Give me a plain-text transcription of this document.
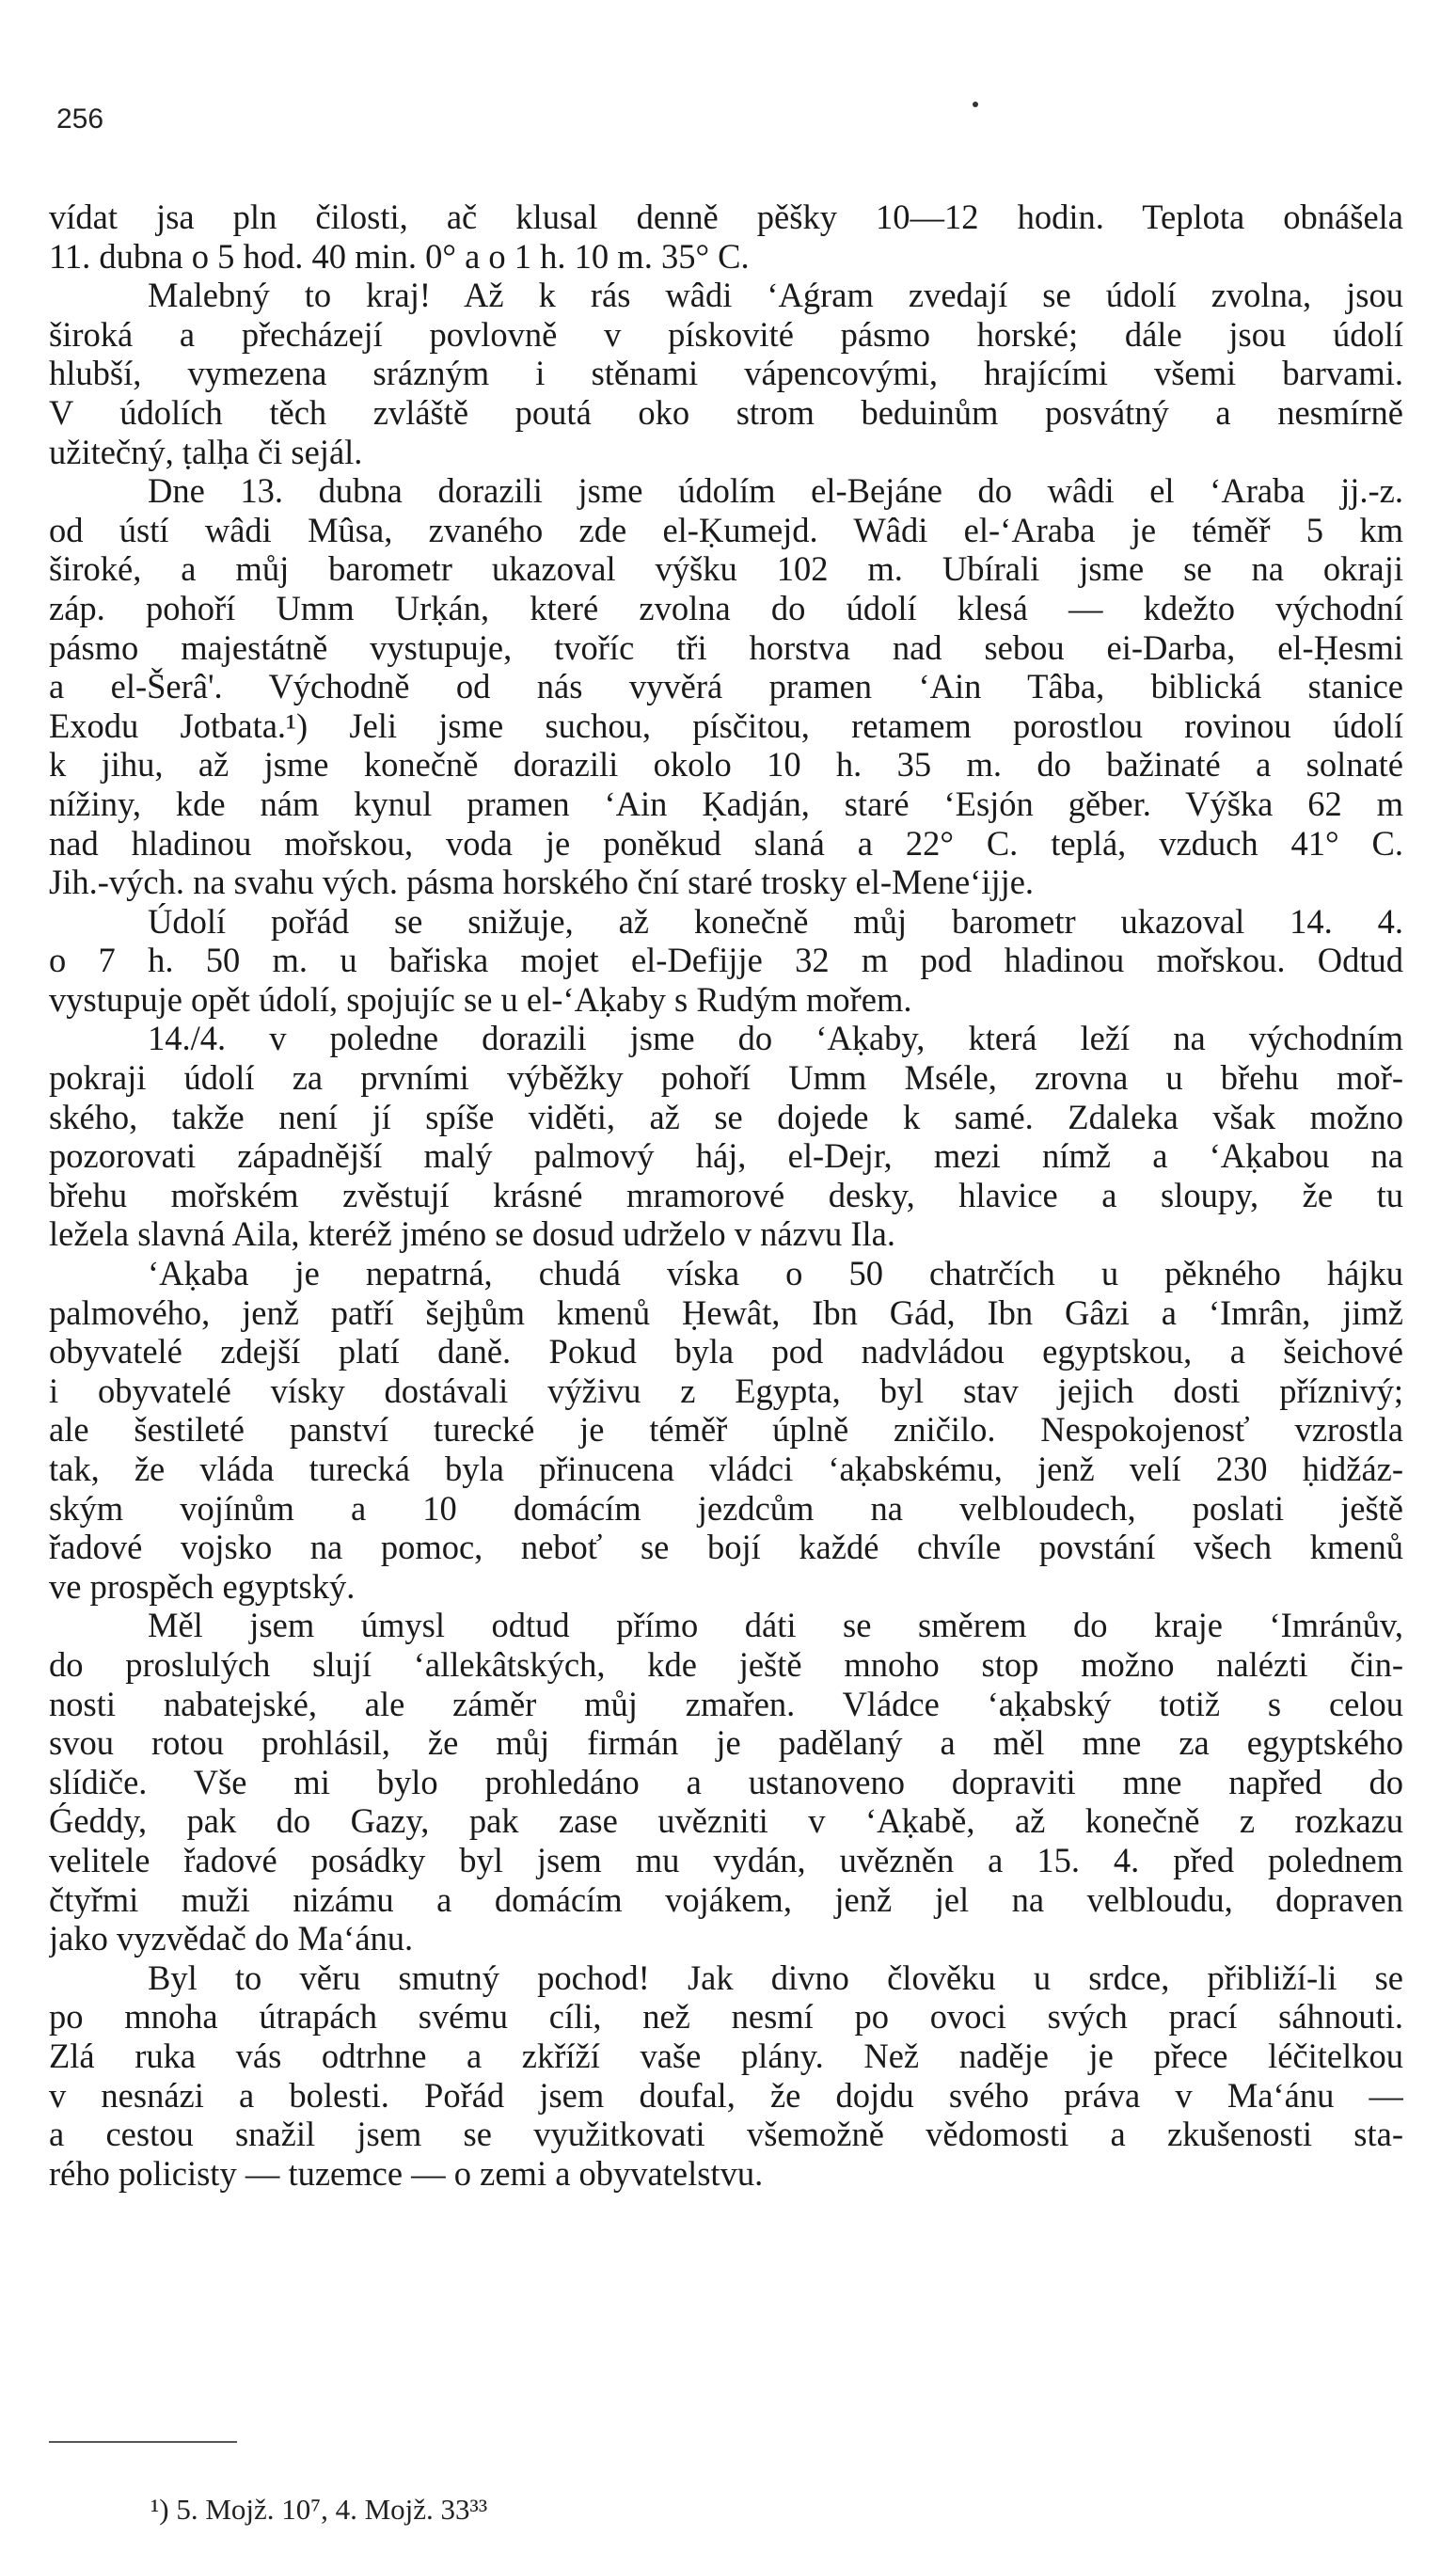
256
vídat jsa pln čilosti, ač klusal denně pěšky 10—12 hodin. Teplota obnášela
11. dubna o 5 hod. 40 min. 0° a o 1 h. 10 m. 35° C.
Malebný to kraj! Až k rás wâdi ʻAǵram zvedají se údolí zvolna, jsou
široká a přecházejí povlovně v pískovité pásmo horské; dále jsou údolí
hlubší, vymezena srázným i stěnami vápencovými, hrajícími všemi barvami.
V údolích těch zvláště poutá oko strom beduinům posvátný a nesmírně
užitečný, ṭalḥa či sejál.
Dne 13. dubna dorazili jsme údolím el-Bejáne do wâdi el ʻAraba jj.-z.
od ústí wâdi Mûsa, zvaného zde el-Ḳumejd. Wâdi el-ʻAraba je téměř 5 km
široké, a můj barometr ukazoval výšku 102 m. Ubírali jsme se na okraji
záp. pohoří Umm Urḳán, které zvolna do údolí klesá — kdežto východní
pásmo majestátně vystupuje, tvoříc tři horstva nad sebou ei-Darba, el-Ḥesmi
a el-Šerâ'. Východně od nás vyvěrá pramen ʻAin Tâba, biblická stanice
Exodu Jotbata.¹) Jeli jsme suchou, písčitou, retamem porostlou rovinou údolí
k jihu, až jsme konečně dorazili okolo 10 h. 35 m. do bažinaté a solnaté
nížiny, kde nám kynul pramen ʻAin Ḳadján, staré ʻEsjón gěber. Výška 62 m
nad hladinou mořskou, voda je poněkud slaná a 22° C. teplá, vzduch 41° C.
Jih.-vých. na svahu vých. pásma horského ční staré trosky el-Meneʻijje.
Údolí pořád se snižuje, až konečně můj barometr ukazoval 14. 4.
o 7 h. 50 m. u bařiska mojet el-Defijje 32 m pod hladinou mořskou. Odtud
vystupuje opět údolí, spojujíc se u el-ʻAḳaby s Rudým mořem.
14./4. v poledne dorazili jsme do ʻAḳaby, která leží na východním
pokraji údolí za prvními výběžky pohoří Umm Mséle, zrovna u břehu moř-
ského, takže není jí spíše viděti, až se dojede k samé. Zdaleka však možno
pozorovati západnější malý palmový háj, el-Dejr, mezi nímž a ʻAḳabou na
břehu mořském zvěstují krásné mramorové desky, hlavice a sloupy, že tu
ležela slavná Aila, kteréž jméno se dosud udrželo v názvu Ila.
ʻAḳaba je nepatrná, chudá víska o 50 chatrčích u pěkného hájku
palmového, jenž patří šejḫům kmenů Ḥewât, Ibn Gád, Ibn Gâzi a ʻImrân, jimž
obyvatelé zdejší platí daně. Pokud byla pod nadvládou egyptskou, a šeichové
i obyvatelé vísky dostávali výživu z Egypta, byl stav jejich dosti příznivý;
ale šestileté panství turecké je téměř úplně zničilo. Nespokojenosť vzrostla
tak, že vláda turecká byla přinucena vládci ʻaḳabskému, jenž velí 230 ḥidžáz-
ským vojínům a 10 domácím jezdcům na velbloudech, poslati ještě
řadové vojsko na pomoc, neboť se bojí každé chvíle povstání všech kmenů
ve prospěch egyptský.
Měl jsem úmysl odtud přímo dáti se směrem do kraje ʻImránův,
do proslulých slují ʻallekâtských, kde ještě mnoho stop možno nalézti čin-
nosti nabatejské, ale záměr můj zmařen. Vládce ʻaḳabský totiž s celou
svou rotou prohlásil, že můj firmán je padělaný a měl mne za egyptského
slídiče. Vše mi bylo prohledáno a ustanoveno dopraviti mne napřed do
Ǵeddy, pak do Gazy, pak zase uvězniti v ʻAḳabě, až konečně z rozkazu
velitele řadové posádky byl jsem mu vydán, uvězněn a 15. 4. před polednem
čtyřmi muži nizámu a domácím vojákem, jenž jel na velbloudu, dopraven
jako vyzvědač do Maʻánu.
Byl to věru smutný pochod! Jak divno člověku u srdce, přibliží-li se
po mnoha útrapách svému cíli, než nesmí po ovoci svých prací sáhnouti.
Zlá ruka vás odtrhne a zkříží vaše plány. Než naděje je přece léčitelkou
v nesnázi a bolesti. Pořád jsem doufal, že dojdu svého práva v Maʻánu —
a cestou snažil jsem se využitkovati všemožně vědomosti a zkušenosti sta-
rého policisty — tuzemce — o zemi a obyvatelstvu.
¹) 5. Mojž. 10⁷, 4. Mojž. 33³³
